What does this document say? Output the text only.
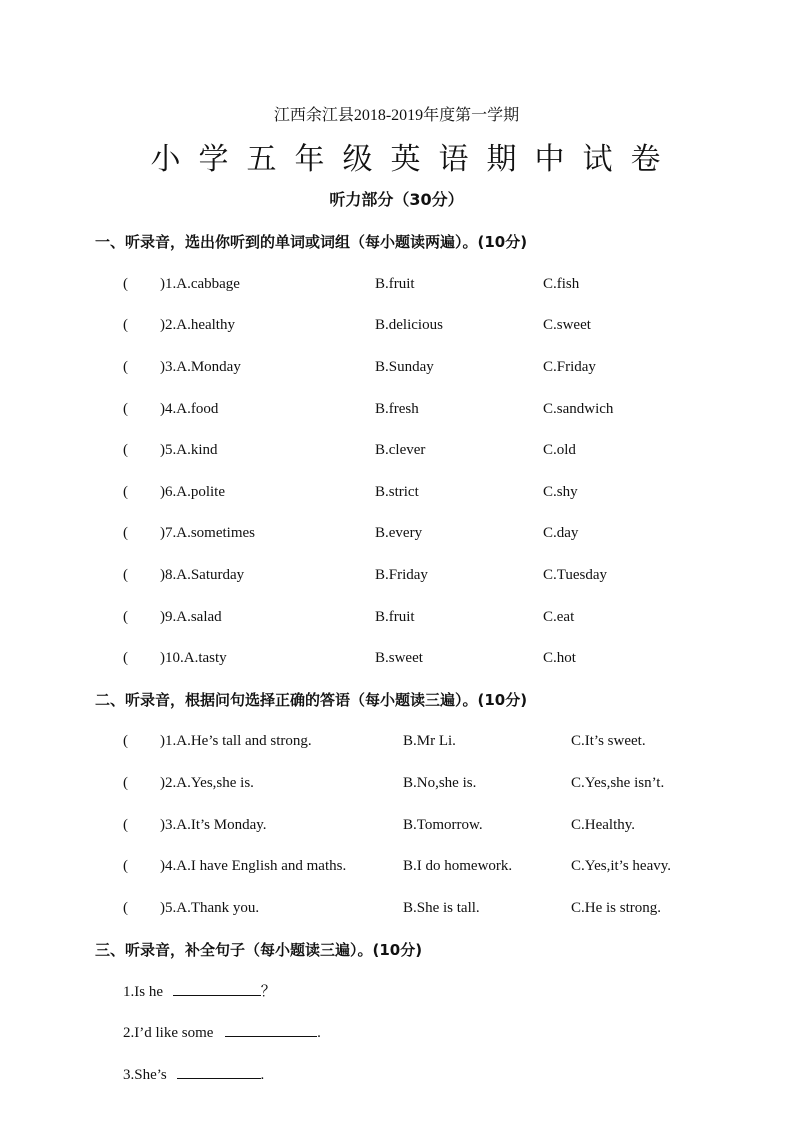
江西余江县2018-2019年度第一学期
小学五年级英语期中试卷
听力部分（30分）
一、听录音，选出你听到的单词或词组（每小题读两遍）。(10分)
( )1.A.cabbage	B.fruit	C.fish
( )2.A.healthy	B.delicious	C.sweet
( )3.A.Monday	B.Sunday	C.Friday
( )4.A.food	B.fresh	C.sandwich
( )5.A.kind	B.clever	C.old
( )6.A.polite	B.strict	C.shy
( )7.A.sometimes	B.every	C.day
( )8.A.Saturday	B.Friday	C.Tuesday
( )9.A.salad	B.fruit	C.eat
( )10.A.tasty	B.sweet	C.hot
二、听录音，根据问句选择正确的答语（每小题读三遍）。(10分)
( )1.A.He’s tall and strong.	B.Mr Li.	C.It’s sweet.
( )2.A.Yes,she is.	B.No,she is.	C.Yes,she isn’t.
( )3.A.It’s Monday.	B.Tomorrow.	C.Healthy.
( )4.A.I have English and maths.	B.I do homework.	C.Yes,it’s heavy.
( )5.A.Thank you.	B.She is tall.	C.He is strong.
三、听录音，补全句子（每小题读三遍）。(10分)
1.Is he	？
2.I’d like some	.
3.She’s	.
